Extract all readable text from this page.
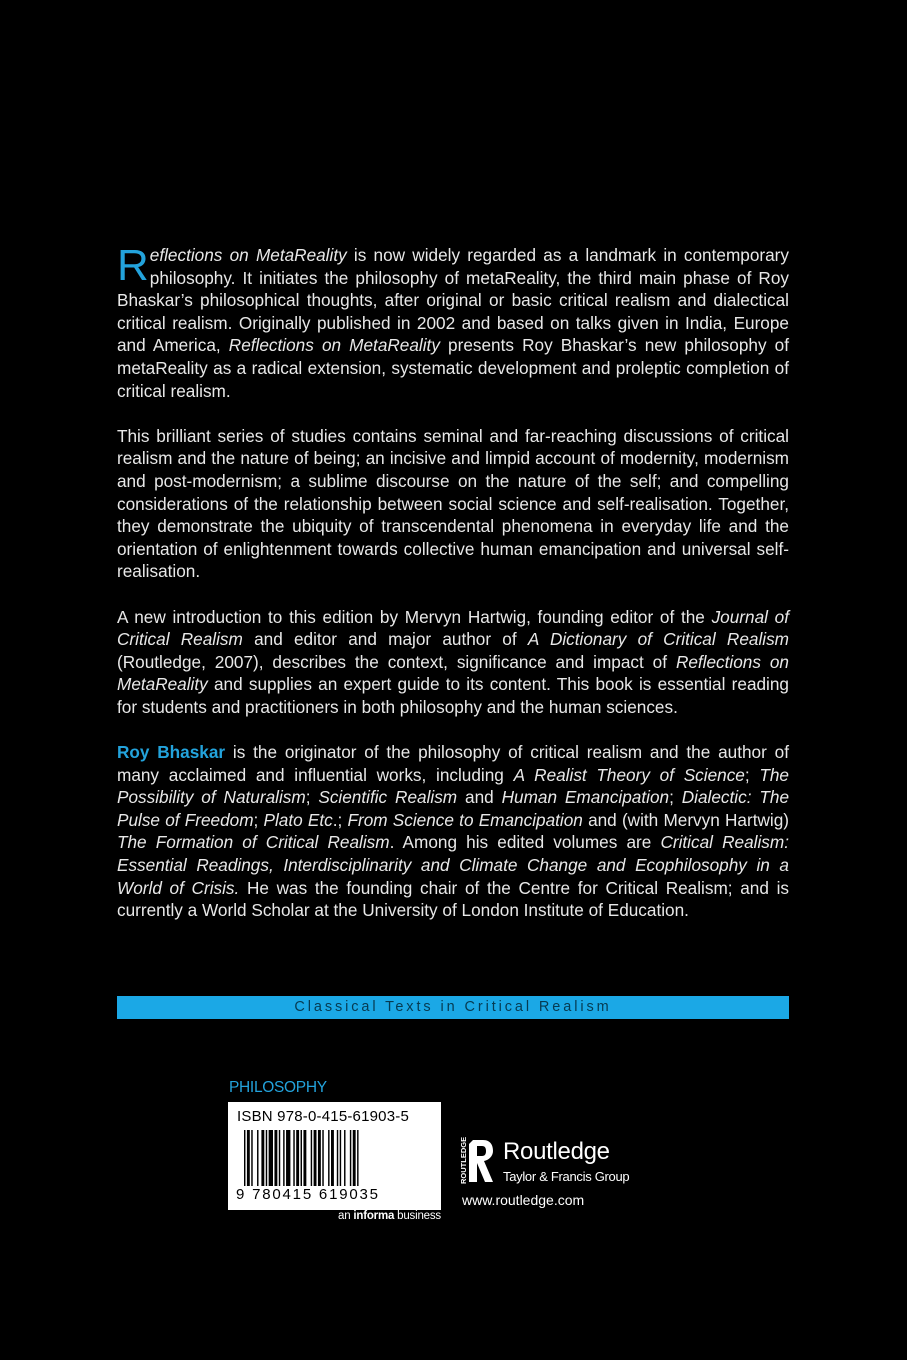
Reflections on MetaReality is now widely regarded as a landmark in contemporary philosophy. It initiates the philosophy of metaReality, the third main phase of Roy Bhaskar’s philosophical thoughts, after original or basic critical realism and dialectical critical realism. Originally published in 2002 and based on talks given in India, Europe and America, Reflections on MetaReality presents Roy Bhaskar’s new philosophy of metaReality as a radical extension, systematic development and proleptic completion of critical realism.

This brilliant series of studies contains seminal and far-reaching discussions of critical realism and the nature of being; an incisive and limpid account of modernity, modernism and post-modernism; a sublime discourse on the nature of the self; and compelling considerations of the relationship between social science and self-realisation. Together, they demonstrate the ubiquity of transcendental phenomena in everyday life and the orientation of enlightenment towards collective human emancipation and universal self-realisation.

A new introduction to this edition by Mervyn Hartwig, founding editor of the Journal of Critical Realism and editor and major author of A Dictionary of Critical Realism (Routledge, 2007), describes the context, significance and impact of Reflections on MetaReality and supplies an expert guide to its content. This book is essential reading for students and practitioners in both philosophy and the human sciences.

Roy Bhaskar is the originator of the philosophy of critical realism and the author of many acclaimed and influential works, including A Realist Theory of Science; The Possibility of Naturalism; Scientific Realism and Human Emancipation; Dialectic: The Pulse of Freedom; Plato Etc.; From Science to Emancipation and (with Mervyn Hartwig) The Formation of Critical Realism. Among his edited volumes are Critical Realism: Essential Readings, Interdisciplinarity and Climate Change and Ecophilosophy in a World of Crisis. He was the founding chair of the Centre for Critical Realism; and is currently a World Scholar at the University of London Institute of Education.

Classical Texts in Critical Realism
PHILOSOPHY
ISBN 978-0-415-61903-5
9 780415 619035
an informa business
ROUTLEDGE Routledge
Taylor & Francis Group
www.routledge.com
